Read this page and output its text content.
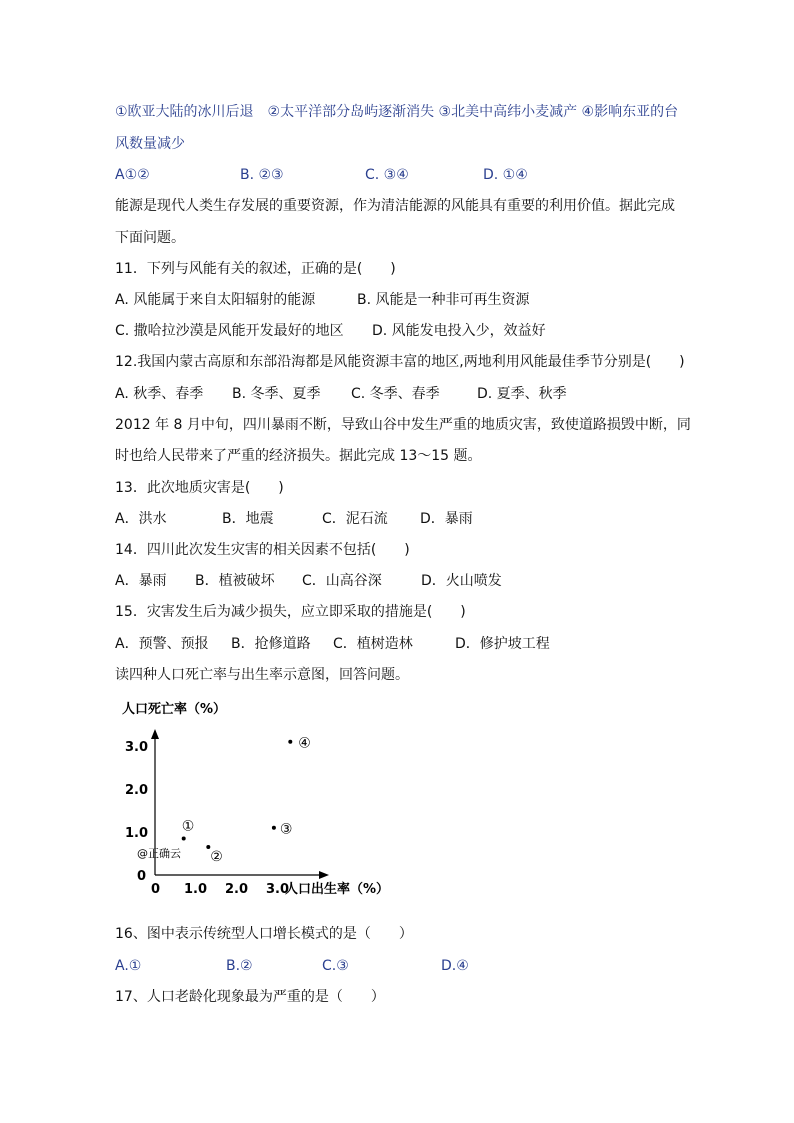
①欧亚大陆的冰川后退　②太平洋部分岛屿逐渐消失 ③北美中高纬小麦减产 ④影响东亚的台
风数量减少
A①②	B. ②③	C. ③④	D. ①④
能源是现代人类生存发展的重要资源，作为清洁能源的风能具有重要的利用价值。据此完成
下面问题。
11．下列与风能有关的叙述，正确的是(　　)
A. 风能属于来自太阳辐射的能源	B. 风能是一种非可再生资源
C. 撒哈拉沙漠是风能开发最好的地区 D. 风能发电投入少，效益好
12.我国内蒙古高原和东部沿海都是风能资源丰富的地区,两地利用风能最佳季节分别是(　　)
A. 秋季、春季 B. 冬季、夏季 C. 冬季、春季	D. 夏季、秋季
2012 年 8 月中旬，四川暴雨不断，导致山谷中发生严重的地质灾害，致使道路损毁中断，同
时也给人民带来了严重的经济损失。据此完成 13～15 题。
13．此次地质灾害是(　　)
A．洪水	B．地震	C．泥石流 D．暴雨
14．四川此次发生灾害的相关因素不包括(　　)
A．暴雨 B．植被破坏 C．山高谷深	D．火山喷发
15．灾害发生后为减少损失，应立即采取的措施是(　　)
A．预警、预报 B．抢修道路 C．植树造林	D．修护坡工程
读四种人口死亡率与出生率示意图，回答问题。
人口死亡率（%）
0
1.0
2.0
3.0
0 1.0 2.0 3.0
①
②
③
④
人口出生率（%）
@正确云
16、图中表示传统型人口增长模式的是（　　）
A.①	B.②	C.③	D.④
17、人口老龄化现象最为严重的是（　　）
